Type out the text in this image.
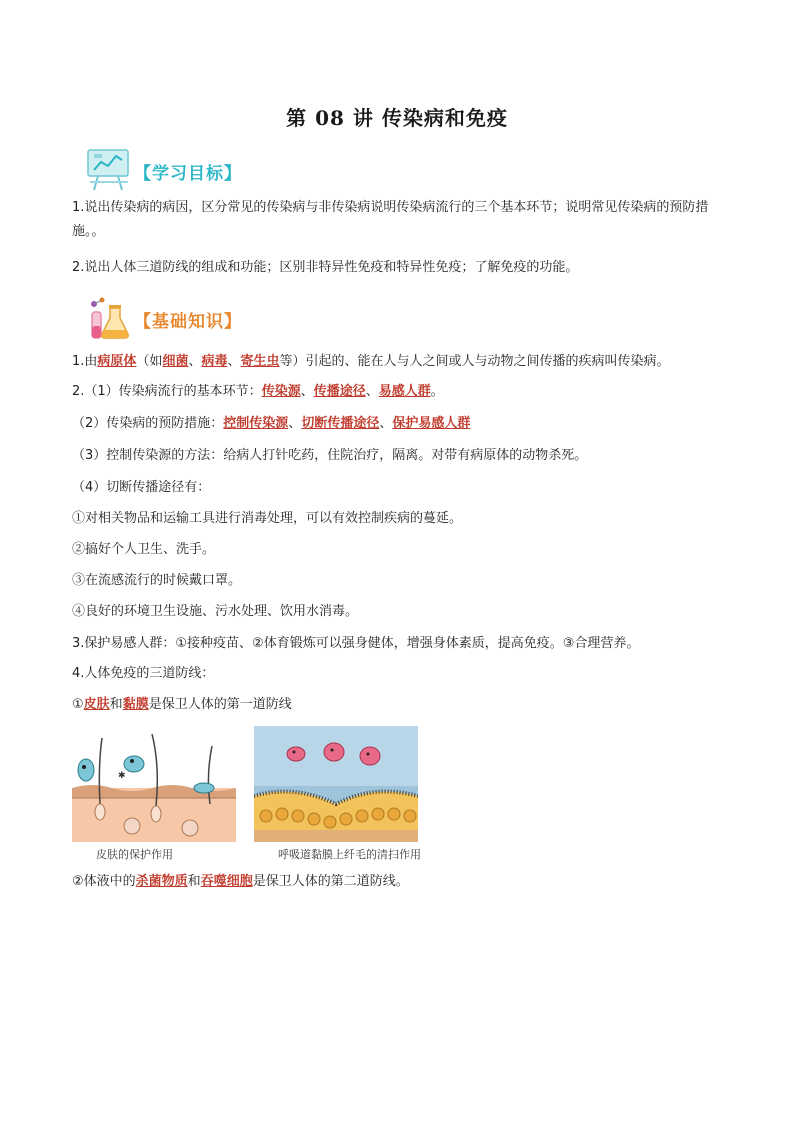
第 08 讲 传染病和免疫
【学习目标】
1.说出传染病的病因，区分常见的传染病与非传染病说明传染病流行的三个基本环节；说明常见传染病的预防措施。。
2.说出人体三道防线的组成和功能；区别非特异性免疫和特异性免疫；了解免疫的功能。
【基础知识】
1.由病原体（如细菌、病毒、寄生虫等）引起的、能在人与人之间或人与动物之间传播的疾病叫传染病。
2.（1）传染病流行的基本环节：传染源、传播途径、易感人群。
（2）传染病的预防措施：控制传染源、切断传播途径、保护易感人群
（3）控制传染源的方法：给病人打针吃药，住院治疗，隔离。对带有病原体的动物杀死。
（4）切断传播途径有：
①对相关物品和运输工具进行消毒处理，可以有效控制疾病的蔓延。
②搞好个人卫生、洗手。
③在流感流行的时候戴口罩。
④良好的环境卫生设施、污水处理、饮用水消毒。
3.保护易感人群：①接种疫苗、②体育锻炼可以强身健体，增强身体素质，提高免疫。③合理营养。
4.人体免疫的三道防线：
①皮肤和黏膜是保卫人体的第一道防线
✱
皮肤的保护作用	呼吸道黏膜上纤毛的清扫作用
②体液中的杀菌物质和吞噬细胞是保卫人体的第二道防线。
